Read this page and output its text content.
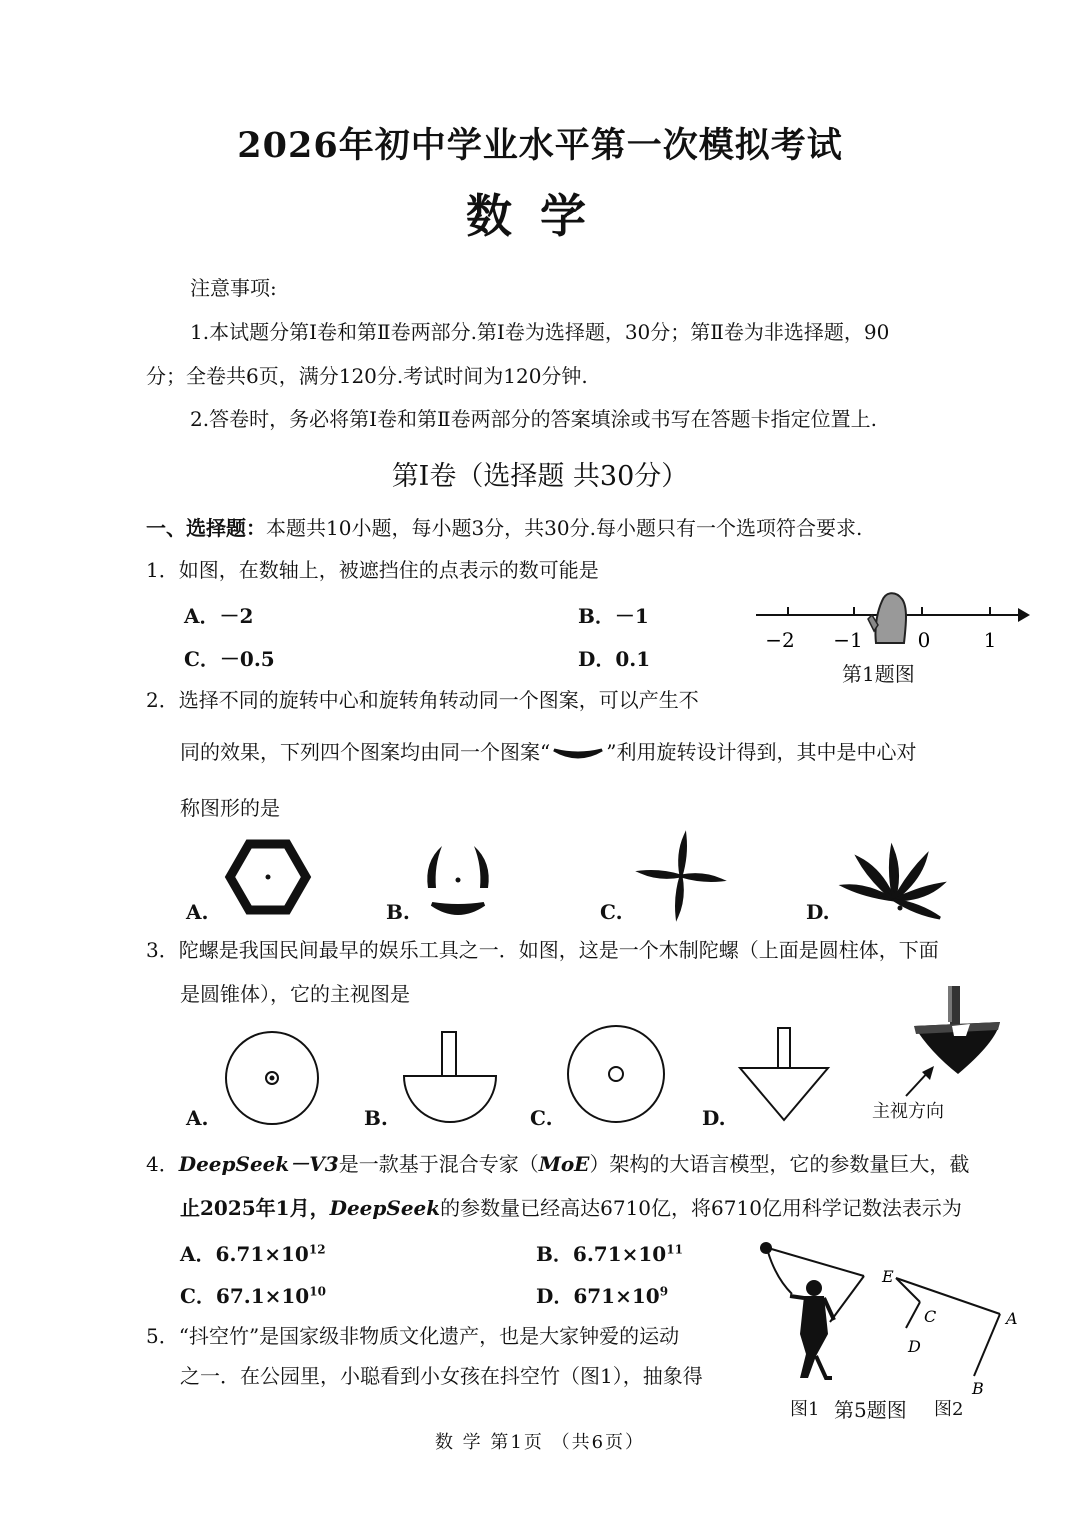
2026年初中学业水平第一次模拟考试
数学
注意事项:
1.本试题分第Ⅰ卷和第Ⅱ卷两部分.第Ⅰ卷为选择题，30分；第Ⅱ卷为非选择题，90
分；全卷共6页，满分120分.考试时间为120分钟.
2.答卷时，务必将第Ⅰ卷和第Ⅱ卷两部分的答案填涂或书写在答题卡指定位置上.
第Ⅰ卷（选择题 共30分）
一、选择题：本题共10小题，每小题3分，共30分.每小题只有一个选项符合要求.
1．如图，在数轴上，被遮挡住的点表示的数可能是
A．－2	B．－1
C．－0.5	D．0.1
−2 −1	0	1
第1题图
2．选择不同的旋转中心和旋转角转动同一个图案，可以产生不
同的效果，下列四个图案均由同一个图案“	”利用旋转设计得到，其中是中心对
称图形的是
A.	B.	C.	D.
3．陀螺是我国民间最早的娱乐工具之一．如图，这是一个木制陀螺（上面是圆柱体，下面
是圆锥体），它的主视图是
主视方向
A.	B.	C.	D.
4．DeepSeek－V3是一款基于混合专家（MoE）架构的大语言模型，它的参数量巨大，截
止2025年1月，DeepSeek的参数量已经高达6710亿，将6710亿用科学记数法表示为
A．$6.71\times 10^{12}$	B．$6.71\times 10^{11}$
C．$67.1\times 10^{10}$	D．$671\times 10^9$
5．“抖空竹”是国家级非物质文化遗产，也是大家钟爱的运动
之一．在公园里，小聪看到小女孩在抖空竹（图1），抽象得
E
C	A
D
B
图1 第5题图 图2
数 学 第1页 （共6页）
